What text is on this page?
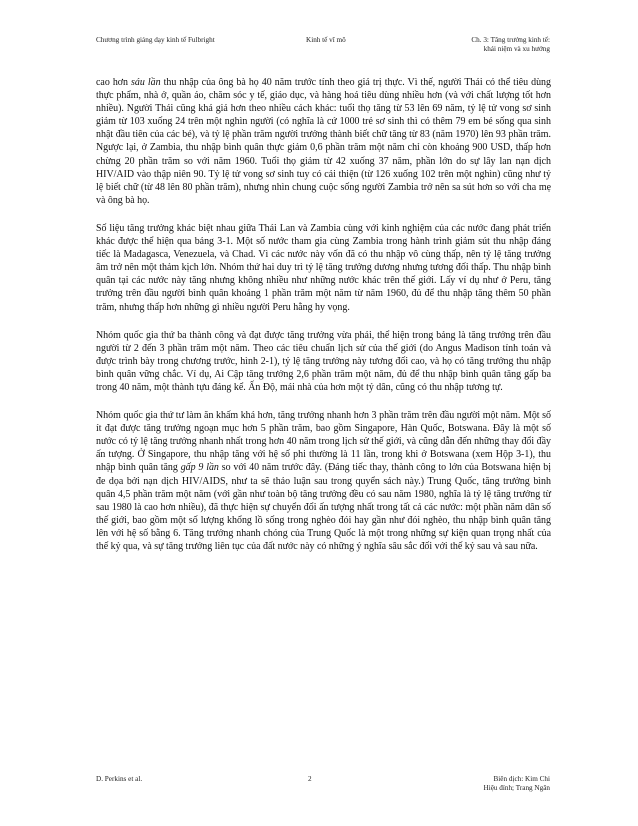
Chương trình giảng dạy kinh tế Fulbright	Kinh tế vĩ mô	Ch. 3: Tăng trưởng kinh tế:
khái niệm và xu hướng

cao hơn sáu lần thu nhập của ông bà họ 40 năm trước tính theo giá trị thực. Vì thế, người Thái có thể tiêu dùng thực phẩm, nhà ở, quần áo, chăm sóc y tế, giáo dục, và hàng hoá tiêu dùng nhiều hơn (và với chất lượng tốt hơn nhiều). Người Thái cũng khá giả hơn theo nhiều cách khác: tuổi thọ tăng từ 53 lên 69 năm, tỷ lệ tử vong sơ sinh giảm từ 103 xuống 24 trên một nghìn người (có nghĩa là cứ 1000 trẻ sơ sinh thì có thêm 79 em bé sống qua sinh nhật đầu tiên của các bé), và tỷ lệ phần trăm người trưởng thành biết chữ tăng từ 83 (năm 1970) lên 93 phần trăm. Ngược lại, ở Zambia, thu nhập bình quân thực giảm 0,6 phần trăm một năm chỉ còn khoảng 900 USD, thấp hơn chừng 20 phần trăm so với năm 1960. Tuổi thọ giảm từ 42 xuống 37 năm, phần lớn do sự lây lan nạn dịch HIV/AID vào thập niên 90. Tỷ lệ tử vong sơ sinh tuy có cải thiện (từ 126 xuống 102 trên một nghìn) cũng như tỷ lệ biết chữ (từ 48 lên 80 phần trăm), nhưng nhìn chung cuộc sống người Zambia trở nên sa sút hơn so với cha mẹ và ông bà họ.

Số liệu tăng trưởng khác biệt nhau giữa Thái Lan và Zambia cùng với kinh nghiệm của các nước đang phát triển khác được thể hiện qua bảng 3-1. Một số nước tham gia cùng Zambia trong hành trình giảm sút thu nhập đáng tiếc là Madagasca, Venezuela, và Chad. Vì các nước này vốn đã có thu nhập vô cùng thấp, nên tỷ lệ tăng trưởng âm trở nên một thảm kịch lớn. Nhóm thứ hai duy trì tỷ lệ tăng trưởng dương nhưng tương đối thấp. Thu nhập bình quân tại các nước này tăng nhưng không nhiều như những nước khác trên thế giới. Lấy ví dụ như ở Peru, tăng trưởng trên đầu người bình quân khoảng 1 phần trăm một năm từ năm 1960, đủ để thu nhập tăng thêm 50 phần trăm, nhưng thấp hơn những gì nhiều người Peru hằng hy vọng.

Nhóm quốc gia thứ ba thành công và đạt được tăng trưởng vừa phải, thể hiện trong bảng là tăng trưởng trên đầu người từ 2 đến 3 phần trăm một năm. Theo các tiêu chuẩn lịch sử của thế giới (do Angus Madison tính toán và được trình bày trong chương trước, hình 2-1), tỷ lệ tăng trưởng này tương đối cao, và họ có tăng trưởng thu nhập bình quân vững chắc. Ví dụ, Ai Cập tăng trưởng 2,6 phần trăm một năm, đủ để thu nhập bình quân tăng gấp ba trong 40 năm, một thành tựu đáng kể. Ấn Độ, mái nhà của hơn một tỷ dân, cũng có thu nhập tương tự.

Nhóm quốc gia thứ tư làm ăn khấm khá hơn, tăng trưởng nhanh hơn 3 phần trăm trên đầu người một năm. Một số ít đạt được tăng trưởng ngoạn mục hơn 5 phần trăm, bao gồm Singapore, Hàn Quốc, Botswana. Đây là một số nước có tỷ lệ tăng trưởng nhanh nhất trong hơn 40 năm trong lịch sử thế giới, và cũng dẫn đến những thay đổi đầy ấn tượng. Ở Singapore, thu nhập tăng với hệ số phi thường là 11 lần, trong khi ở Botswana (xem Hộp 3-1), thu nhập bình quân tăng gấp 9 lần so với 40 năm trước đây. (Đáng tiếc thay, thành công to lớn của Botswana hiện bị đe dọa bởi nạn dịch HIV/AIDS, như ta sẽ thảo luận sau trong quyển sách này.) Trung Quốc, tăng trưởng bình quân 4,5 phần trăm một năm (với gần như toàn bộ tăng trưởng đều có sau năm 1980, nghĩa là tỷ lệ tăng trưởng từ sau 1980 là cao hơn nhiều), đã thực hiện sự chuyển đổi ấn tượng nhất trong tất cả các nước: một phần năm dân số thế giới, bao gồm một số lượng khổng lồ sống trong nghèo đói hay gần như đói nghèo, thu nhập bình quân tăng lên với hệ số bằng 6. Tăng trưởng nhanh chóng của Trung Quốc là một trong những sự kiện quan trọng nhất của thế kỷ qua, và sự tăng trưởng liên tục của đất nước này có những ý nghĩa sâu sắc đối với thế kỷ sau và sau nữa.

D. Perkins et al.	2	Biên dịch: Kim Chi
Hiệu đính; Trang Ngân
